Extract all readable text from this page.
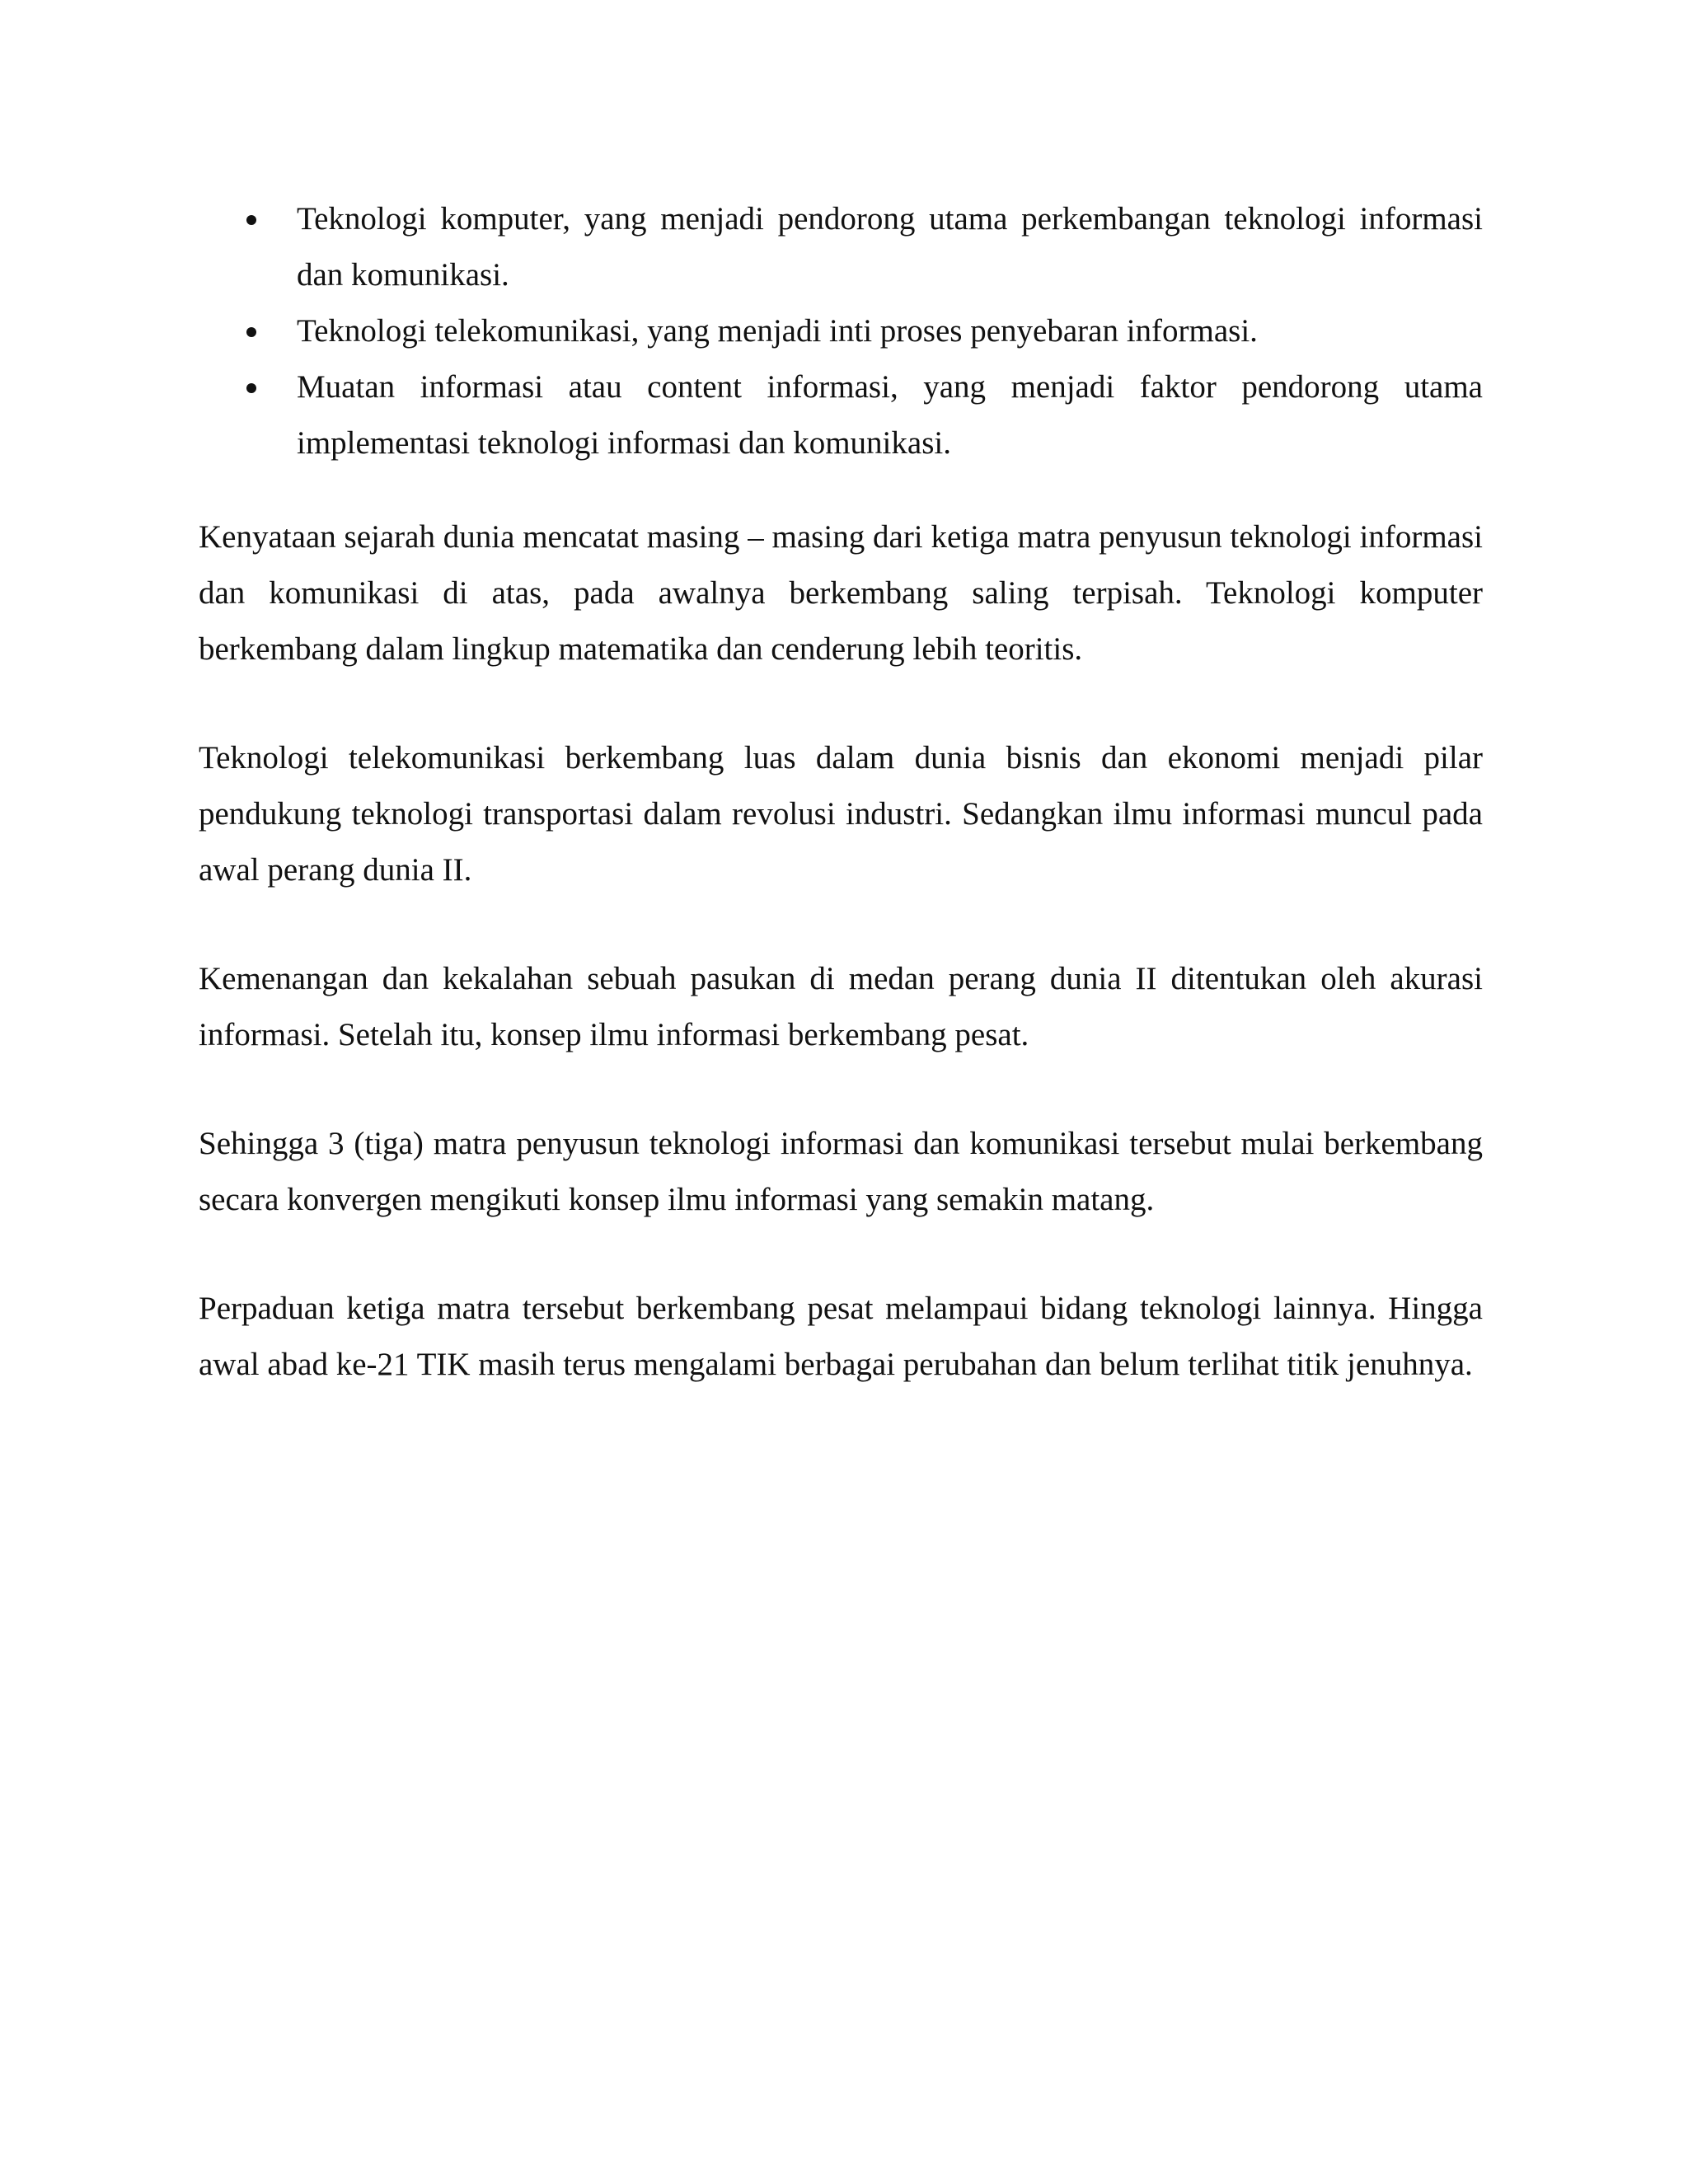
Teknologi komputer, yang menjadi pendorong utama perkembangan teknologi informasi dan komunikasi.
Teknologi telekomunikasi, yang menjadi inti proses penyebaran informasi.
Muatan informasi atau content informasi, yang menjadi faktor pendorong utama implementasi teknologi informasi dan komunikasi.

Kenyataan sejarah dunia mencatat masing – masing dari ketiga matra penyusun teknologi informasi dan komunikasi di atas, pada awalnya berkembang saling terpisah. Teknologi komputer berkembang dalam lingkup matematika dan cenderung lebih teoritis.

Teknologi telekomunikasi berkembang luas dalam dunia bisnis dan ekonomi menjadi pilar pendukung teknologi transportasi dalam revolusi industri. Sedangkan ilmu informasi muncul pada awal perang dunia II.

Kemenangan dan kekalahan sebuah pasukan di medan perang dunia II ditentukan oleh akurasi informasi. Setelah itu, konsep ilmu informasi berkembang pesat.

Sehingga 3 (tiga) matra penyusun teknologi informasi dan komunikasi tersebut mulai berkembang secara konvergen mengikuti konsep ilmu informasi yang semakin matang.

Perpaduan ketiga matra tersebut berkembang pesat melampaui bidang teknologi lainnya. Hingga awal abad ke-21 TIK masih terus mengalami berbagai perubahan dan belum terlihat titik jenuhnya.
